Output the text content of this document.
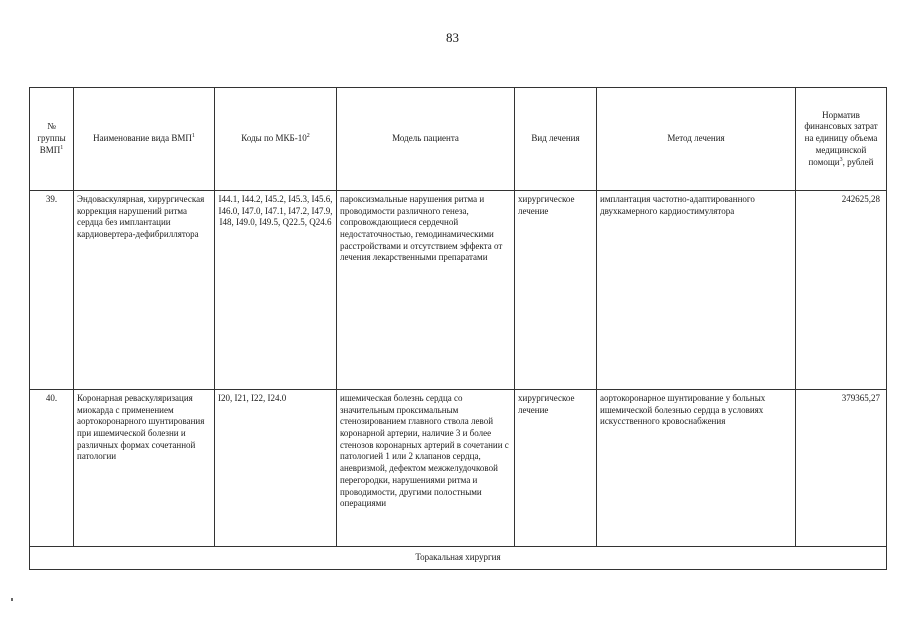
83
№ группы ВМП$^1$	Наименование вида ВМП$^1$	Коды по МКБ-$10^2$	Модель пациента	Вид лечения	Метод лечения	Норматив финансовых затрат на единицу объема медицинской помощи$^3$, рублей
39.	Эндоваскулярная, хирургическая коррекция нарушений ритма сердца без имплантации кардиовертера-дефибриллятора	I44.1, I44.2, I45.2, I45.3, I45.6, I46.0, I47.0, I47.1, I47.2, I47.9, I48, I49.0, I49.5, Q22.5, Q24.6	пароксизмальные нарушения ритма и проводимости различного генеза, сопровождающиеся сердечной недостаточностью, гемодинамическими расстройствами и отсутствием эффекта от лечения лекарственными препаратами	хирургическое лечение	имплантация частотно-адаптированного двухкамерного кардиостимулятора	242625,28
40.	Коронарная реваскуляризация миокарда с применением аортокоронарного шунтирования при ишемической болезни и различных формах сочетанной патологии	I20, I21, I22, I24.0	ишемическая болезнь сердца со значительным проксимальным стенозированием главного ствола левой коронарной артерии, наличие 3 и более стенозов коронарных артерий в сочетании с патологией 1 или 2 клапанов сердца, аневризмой, дефектом межжелудочковой перегородки, нарушениями ритма и проводимости, другими полостными операциями	хирургическое лечение	аортокоронарное шунтирование у больных ишемической болезнью сердца в условиях искусственного кровоснабжения	379365,27
Торакальная хирургия						
